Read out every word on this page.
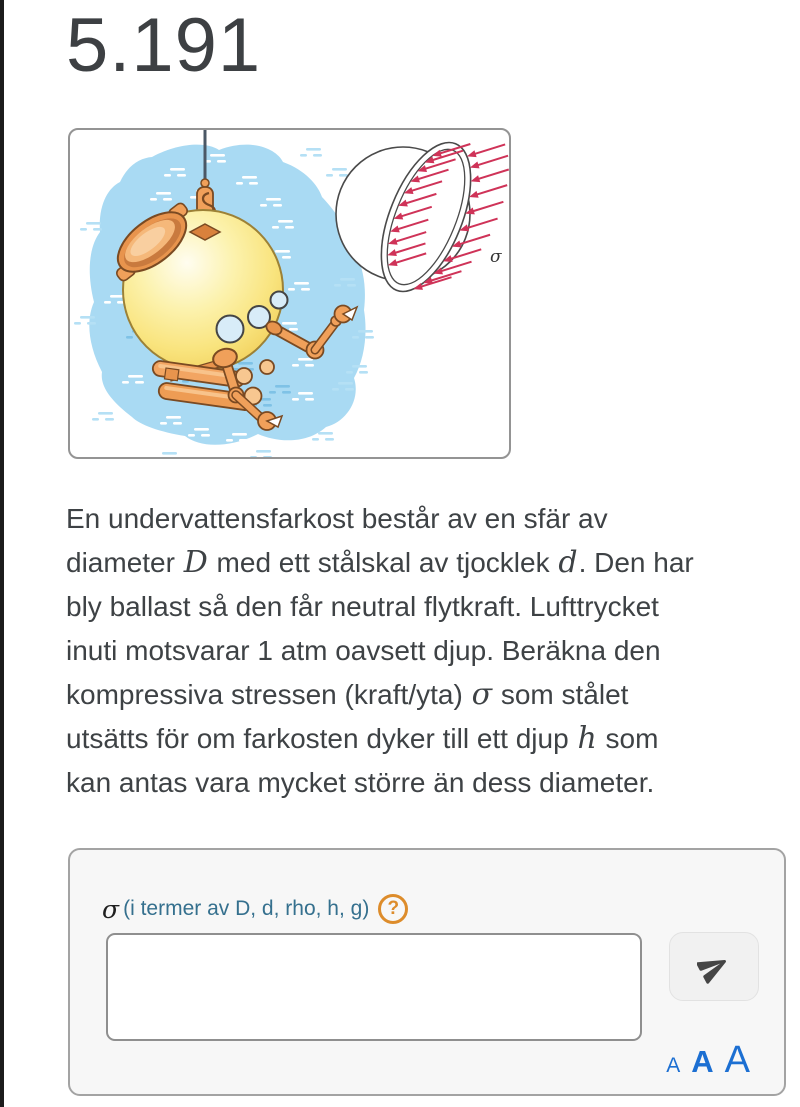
5.191
σ
En undervattensfarkost består av en sfär av
diameter D med ett stålskal av tjocklek d. Den har
bly ballast så den får neutral flytkraft. Lufttrycket
inuti motsvarar 1 atm oavsett djup. Beräkna den
kompressiva stressen (kraft/yta) σ som stålet
utsätts för om farkosten dyker till ett djup h som
kan antas vara mycket större än dess diameter.
σ (i termer av D, d, rho, h, g) ?
A A A
